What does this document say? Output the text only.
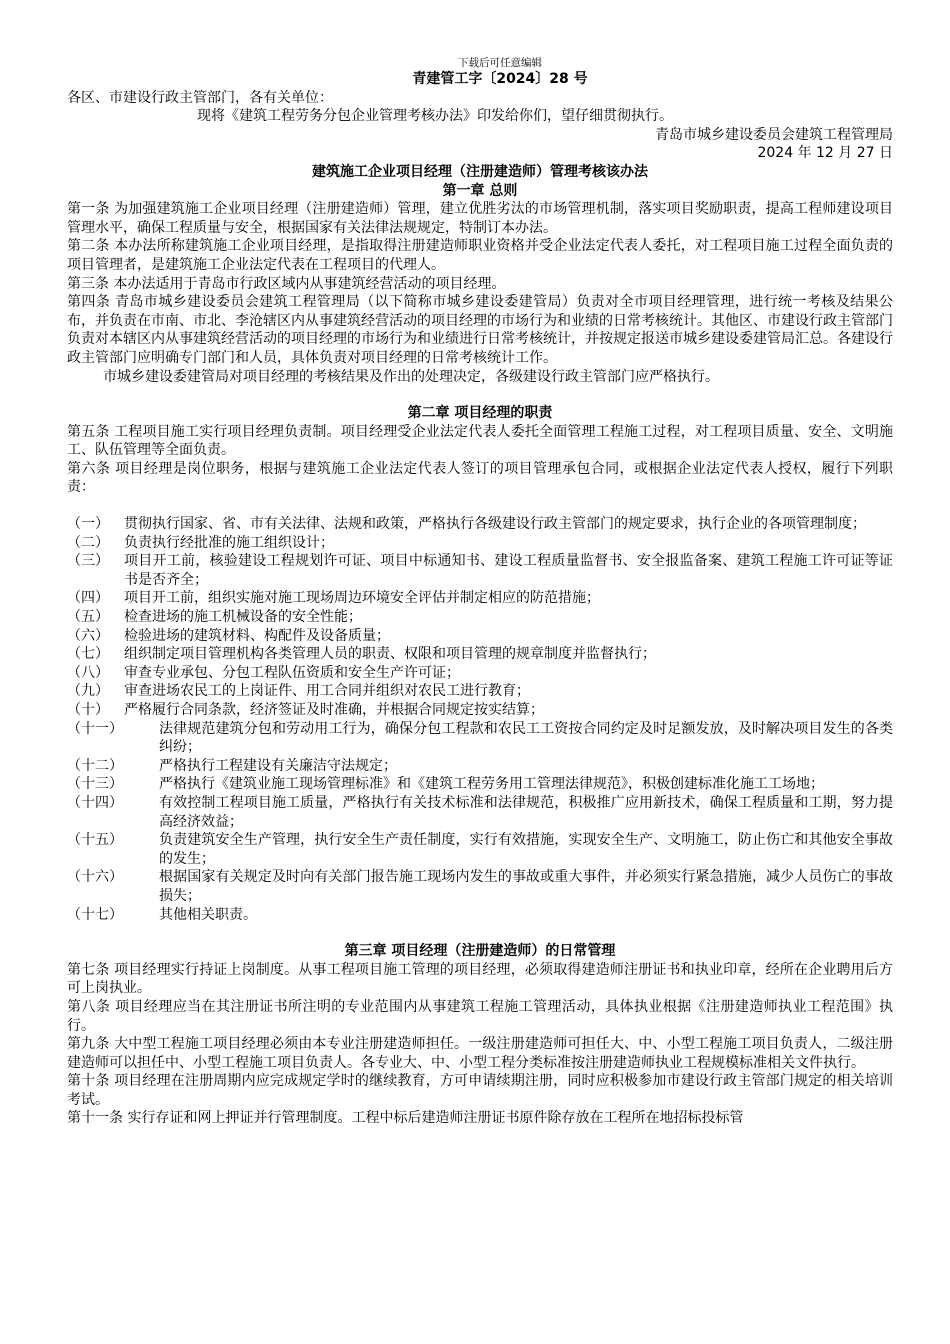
下载后可任意编辑
青建管工字〔2024〕28 号

各区、市建设行政主管部门，各有关单位：

现将《建筑工程劳务分包企业管理考核办法》印发给你们，望仔细贯彻执行。

青岛市城乡建设委员会建筑工程管理局

2024 年 12 月 27 日

建筑施工企业项目经理（注册建造师）管理考核该办法

第一章 总则

第一条 为加强建筑施工企业项目经理（注册建造师）管理，建立优胜劣汰的市场管理机制，落实项目奖励职责，提高工程师建设项目管理水平，确保工程质量与安全，根据国家有关法律法规规定，特制订本办法。

第二条 本办法所称建筑施工企业项目经理，是指取得注册建造师职业资格并受企业法定代表人委托，对工程项目施工过程全面负责的项目管理者，是建筑施工企业法定代表在工程项目的代理人。

第三条 本办法适用于青岛市行政区域内从事建筑经营活动的项目经理。

第四条 青岛市城乡建设委员会建筑工程管理局（以下简称市城乡建设委建管局）负责对全市项目经理管理，进行统一考核及结果公布，并负责在市南、市北、李沧辖区内从事建筑经营活动的项目经理的市场行为和业绩的日常考核统计。其他区、市建设行政主管部门负责对本辖区内从事建筑经营活动的项目经理的市场行为和业绩进行日常考核统计，并按规定报送市城乡建设委建管局汇总。各建设行政主管部门应明确专门部门和人员，具体负责对项目经理的日常考核统计工作。

市城乡建设委建管局对项目经理的考核结果及作出的处理决定，各级建设行政主管部门应严格执行。

第二章 项目经理的职责

第五条 工程项目施工实行项目经理负责制。项目经理受企业法定代表人委托全面管理工程施工过程，对工程项目质量、安全、文明施工、队伍管理等全面负责。

第六条 项目经理是岗位职务，根据与建筑施工企业法定代表人签订的项目管理承包合同，或根据企业法定代表人授权，履行下列职责：

（一）	贯彻执行国家、省、市有关法律、法规和政策，严格执行各级建设行政主管部门的规定要求，执行企业的各项管理制度；
（二）	负责执行经批准的施工组织设计；
（三）	项目开工前，核验建设工程规划许可证、项目中标通知书、建设工程质量监督书、安全报监备案、建筑工程施工许可证等证书是否齐全；
（四）	项目开工前，组织实施对施工现场周边环境安全评估并制定相应的防范措施；
（五）	检查进场的施工机械设备的安全性能；
（六）	检验进场的建筑材料、构配件及设备质量；
（七）	组织制定项目管理机构各类管理人员的职责、权限和项目管理的规章制度并监督执行；
（八）	审查专业承包、分包工程队伍资质和安全生产许可证；
（九）	审查进场农民工的上岗证件、用工合同并组织对农民工进行教育；
（十）	严格履行合同条款，经济签证及时准确，并根据合同规定按实结算；
（十一）	法律规范建筑分包和劳动用工行为，确保分包工程款和农民工工资按合同约定及时足额发放，及时解决项目发生的各类纠纷；
（十二）	严格执行工程建设有关廉洁守法规定；
（十三）	严格执行《建筑业施工现场管理标准》和《建筑工程劳务用工管理法律规范》，积极创建标准化施工工场地；
（十四）	有效控制工程项目施工质量，严格执行有关技术标准和法律规范，积极推广应用新技术，确保工程质量和工期，努力提高经济效益；
（十五）	负责建筑安全生产管理，执行安全生产责任制度，实行有效措施，实现安全生产、文明施工，防止伤亡和其他安全事故的发生；
（十六）	根据国家有关规定及时向有关部门报告施工现场内发生的事故或重大事件，并必须实行紧急措施，减少人员伤亡的事故损失；
（十七）	其他相关职责。

第三章 项目经理（注册建造师）的日常管理

第七条 项目经理实行持证上岗制度。从事工程项目施工管理的项目经理，必须取得建造师注册证书和执业印章，经所在企业聘用后方可上岗执业。

第八条 项目经理应当在其注册证书所注明的专业范围内从事建筑工程施工管理活动，具体执业根据《注册建造师执业工程范围》执行。

第九条 大中型工程施工项目经理必须由本专业注册建造师担任。一级注册建造师可担任大、中、小型工程施工项目负责人，二级注册建造师可以担任中、小型工程施工项目负责人。各专业大、中、小型工程分类标准按注册建造师执业工程规模标准相关文件执行。

第十条 项目经理在注册周期内应完成规定学时的继续教育，方可申请续期注册，同时应积极参加市建设行政主管部门规定的相关培训考试。

第十一条 实行存证和网上押证并行管理制度。工程中标后建造师注册证书原件除存放在工程所在地招标投标管
